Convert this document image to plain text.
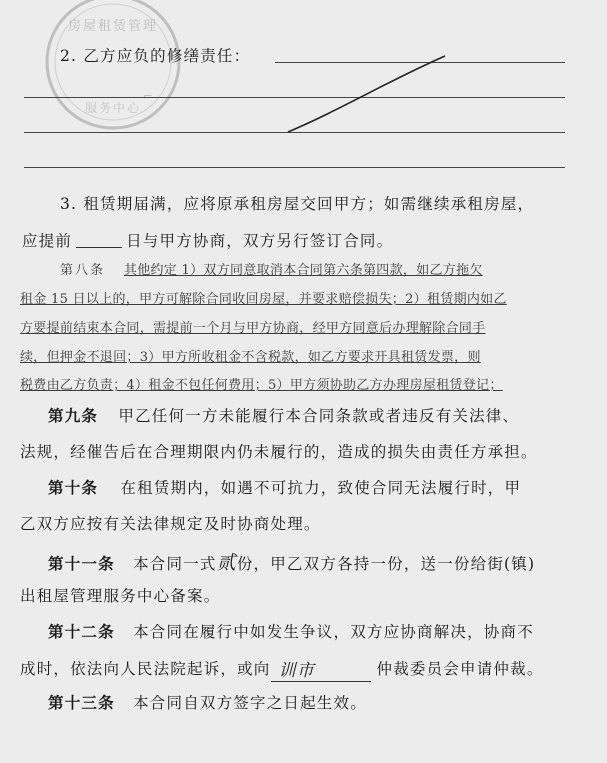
房屋租赁管理
服务中心
⌐
2. 乙方应负的修缮责任：
3. 租赁期届满，应将原承租房屋交回甲方；如需继续承租房屋，
应提前	日与甲方协商，双方另行签订合同。
第八条 其他约定 1）双方同意取消本合同第六条第四款，如乙方拖欠
租金 15 日以上的，甲方可解除合同收回房屋，并要求赔偿损失；2）租赁期内如乙
方要提前结束本合同，需提前一个月与甲方协商，经甲方同意后办理解除合同手
续，但押金不退回；3）甲方所收租金不含税款，如乙方要求开具租赁发票，则
税费由乙方负责；4）租金不包任何费用；5）甲方须协助乙方办理房屋租赁登记；
第九条 甲乙任何一方未能履行本合同条款或者违反有关法律、
法规，经催告后在合理期限内仍未履行的，造成的损失由责任方承担。
第十条 在租赁期内，如遇不可抗力，致使合同无法履行时，甲
乙双方应按有关法律规定及时协商处理。
第十一条 本合同一式贰份，甲乙双方各持一份，送一份给街(镇)
出租屋管理服务中心备案。
第十二条 本合同在履行中如发生争议，双方应协商解决，协商不
成时，依法向人民法院起诉，或向 训市	仲裁委员会申请仲裁。
第十三条 本合同自双方签字之日起生效。
